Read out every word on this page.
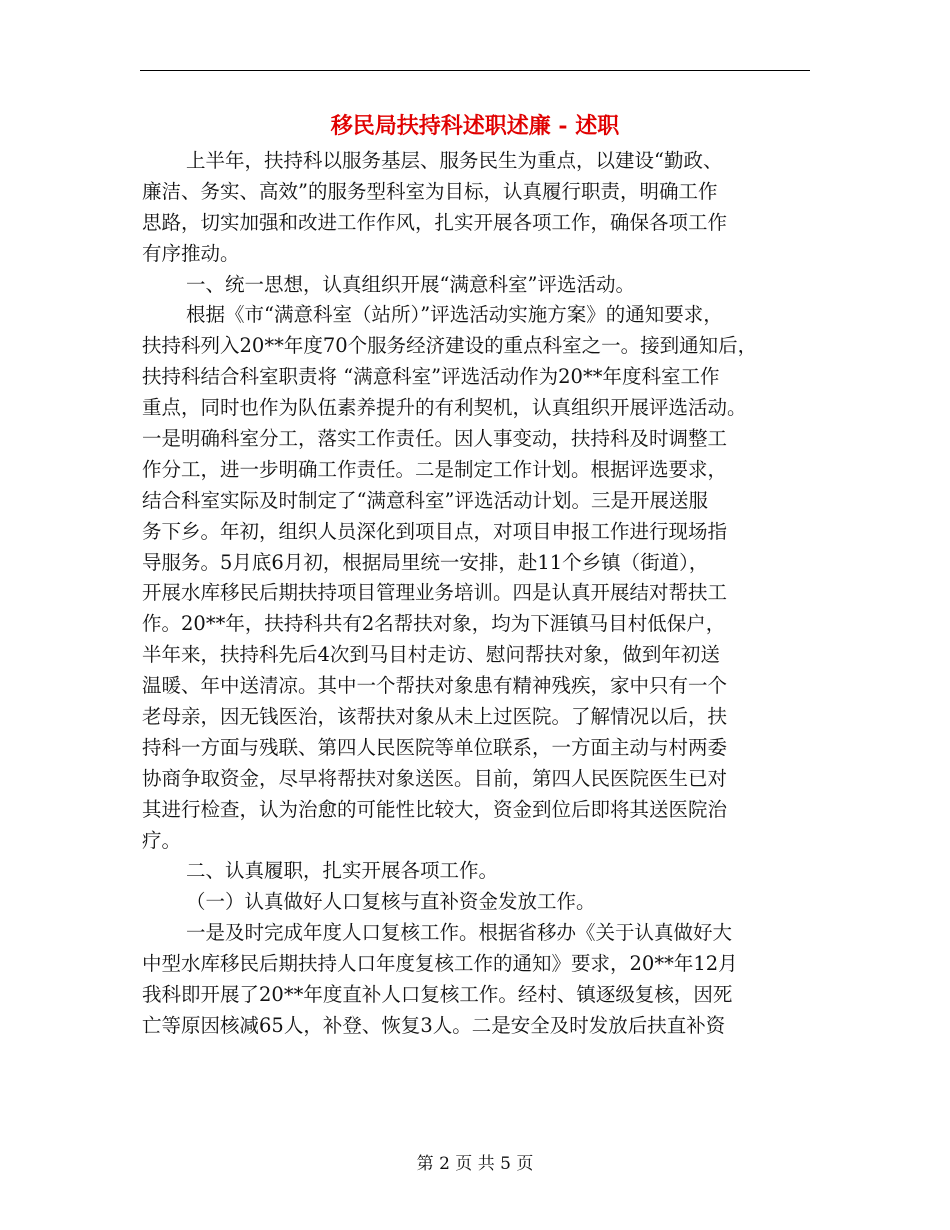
移民局扶持科述职述廉 - 述职
上半年，扶持科以服务基层、服务民生为重点，以建设“勤政、
廉洁、务实、高效”的服务型科室为目标，认真履行职责，明确工作
思路，切实加强和改进工作作风，扎实开展各项工作，确保各项工作
有序推动。
一、统一思想，认真组织开展“满意科室”评选活动。
根据《市“满意科室（站所）”评选活动实施方案》的通知要求，
扶持科列入20**年度70个服务经济建设的重点科室之一。接到通知后，
扶持科结合科室职责将 “满意科室”评选活动作为20**年度科室工作
重点，同时也作为队伍素养提升的有利契机，认真组织开展评选活动。
一是明确科室分工，落实工作责任。因人事变动，扶持科及时调整工
作分工，进一步明确工作责任。二是制定工作计划。根据评选要求，
结合科室实际及时制定了“满意科室”评选活动计划。三是开展送服
务下乡。年初，组织人员深化到项目点，对项目申报工作进行现场指
导服务。5月底6月初，根据局里统一安排，赴11个乡镇（街道），
开展水库移民后期扶持项目管理业务培训。四是认真开展结对帮扶工
作。20**年，扶持科共有2名帮扶对象，均为下涯镇马目村低保户，
半年来，扶持科先后4次到马目村走访、慰问帮扶对象，做到年初送
温暖、年中送清凉。其中一个帮扶对象患有精神残疾，家中只有一个
老母亲，因无钱医治，该帮扶对象从未上过医院。了解情况以后，扶
持科一方面与残联、第四人民医院等单位联系，一方面主动与村两委
协商争取资金，尽早将帮扶对象送医。目前，第四人民医院医生已对
其进行检查，认为治愈的可能性比较大，资金到位后即将其送医院治
疗。
二、认真履职，扎实开展各项工作。
（一）认真做好人口复核与直补资金发放工作。
一是及时完成年度人口复核工作。根据省移办《关于认真做好大
中型水库移民后期扶持人口年度复核工作的通知》要求，20**年12月
我科即开展了20**年度直补人口复核工作。经村、镇逐级复核，因死
亡等原因核减65人，补登、恢复3人。二是安全及时发放后扶直补资
第 2 页 共 5 页
